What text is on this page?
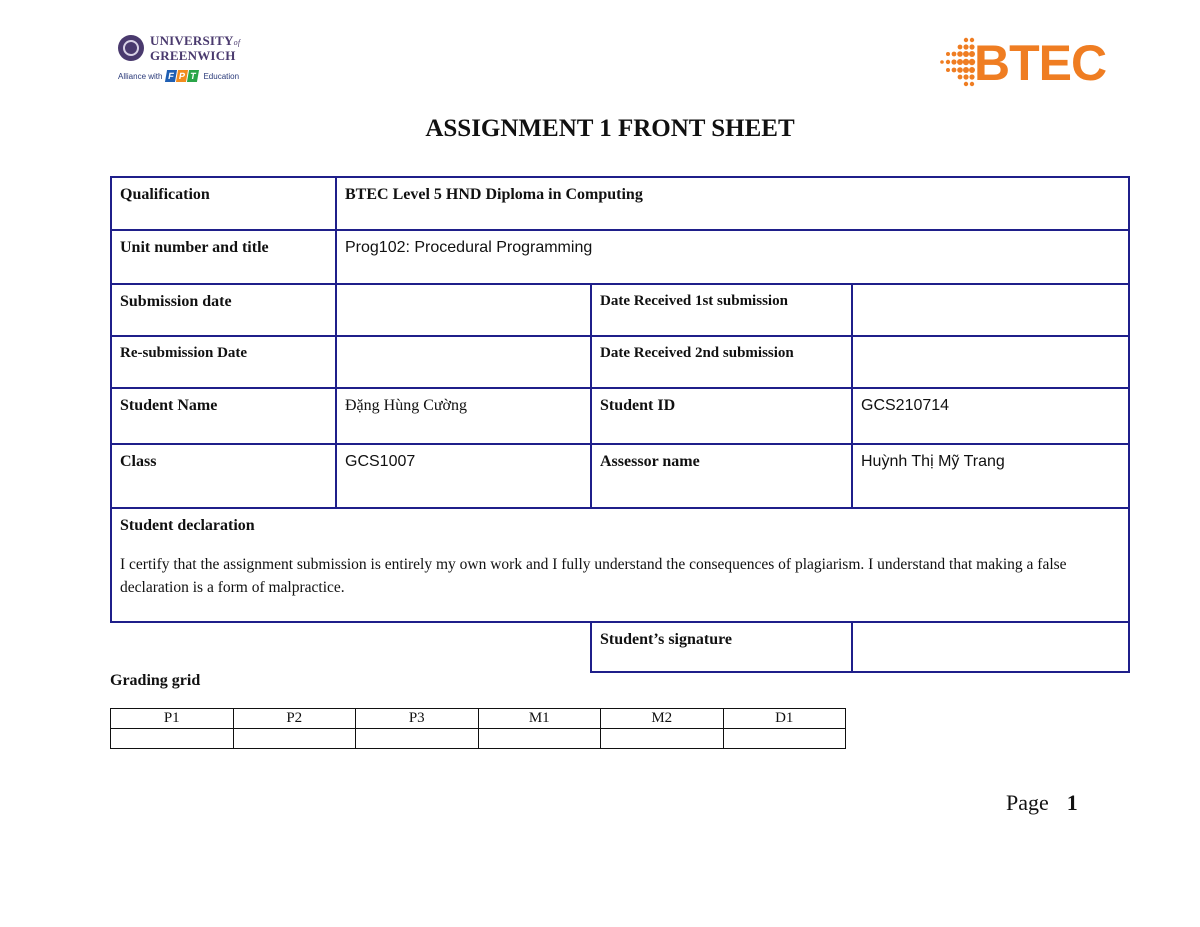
UNIVERSITYof
GREENWICH
Alliance with F P T Education	BTEC
ASSIGNMENT 1 FRONT SHEET
Qualification	BTEC Level 5 HND Diploma in Computing		
Unit number and title	Prog102: Procedural Programming		
Submission date		Date Received 1st submission	
Re-submission Date		Date Received 2nd submission	
Student Name	Đặng Hùng Cường	Student ID	GCS210714
Class	GCS1007	Assessor name	Huỳnh Thị Mỹ Trang

Student declaration
I certify that the assignment submission is entirely my own work and I fully understand the consequences of plagiarism. I understand that making a false declaration is a form of malpractice.			

		Student’s signature	
Grading grid
P1	P2	P3	M1	M2	D1

Page 1
